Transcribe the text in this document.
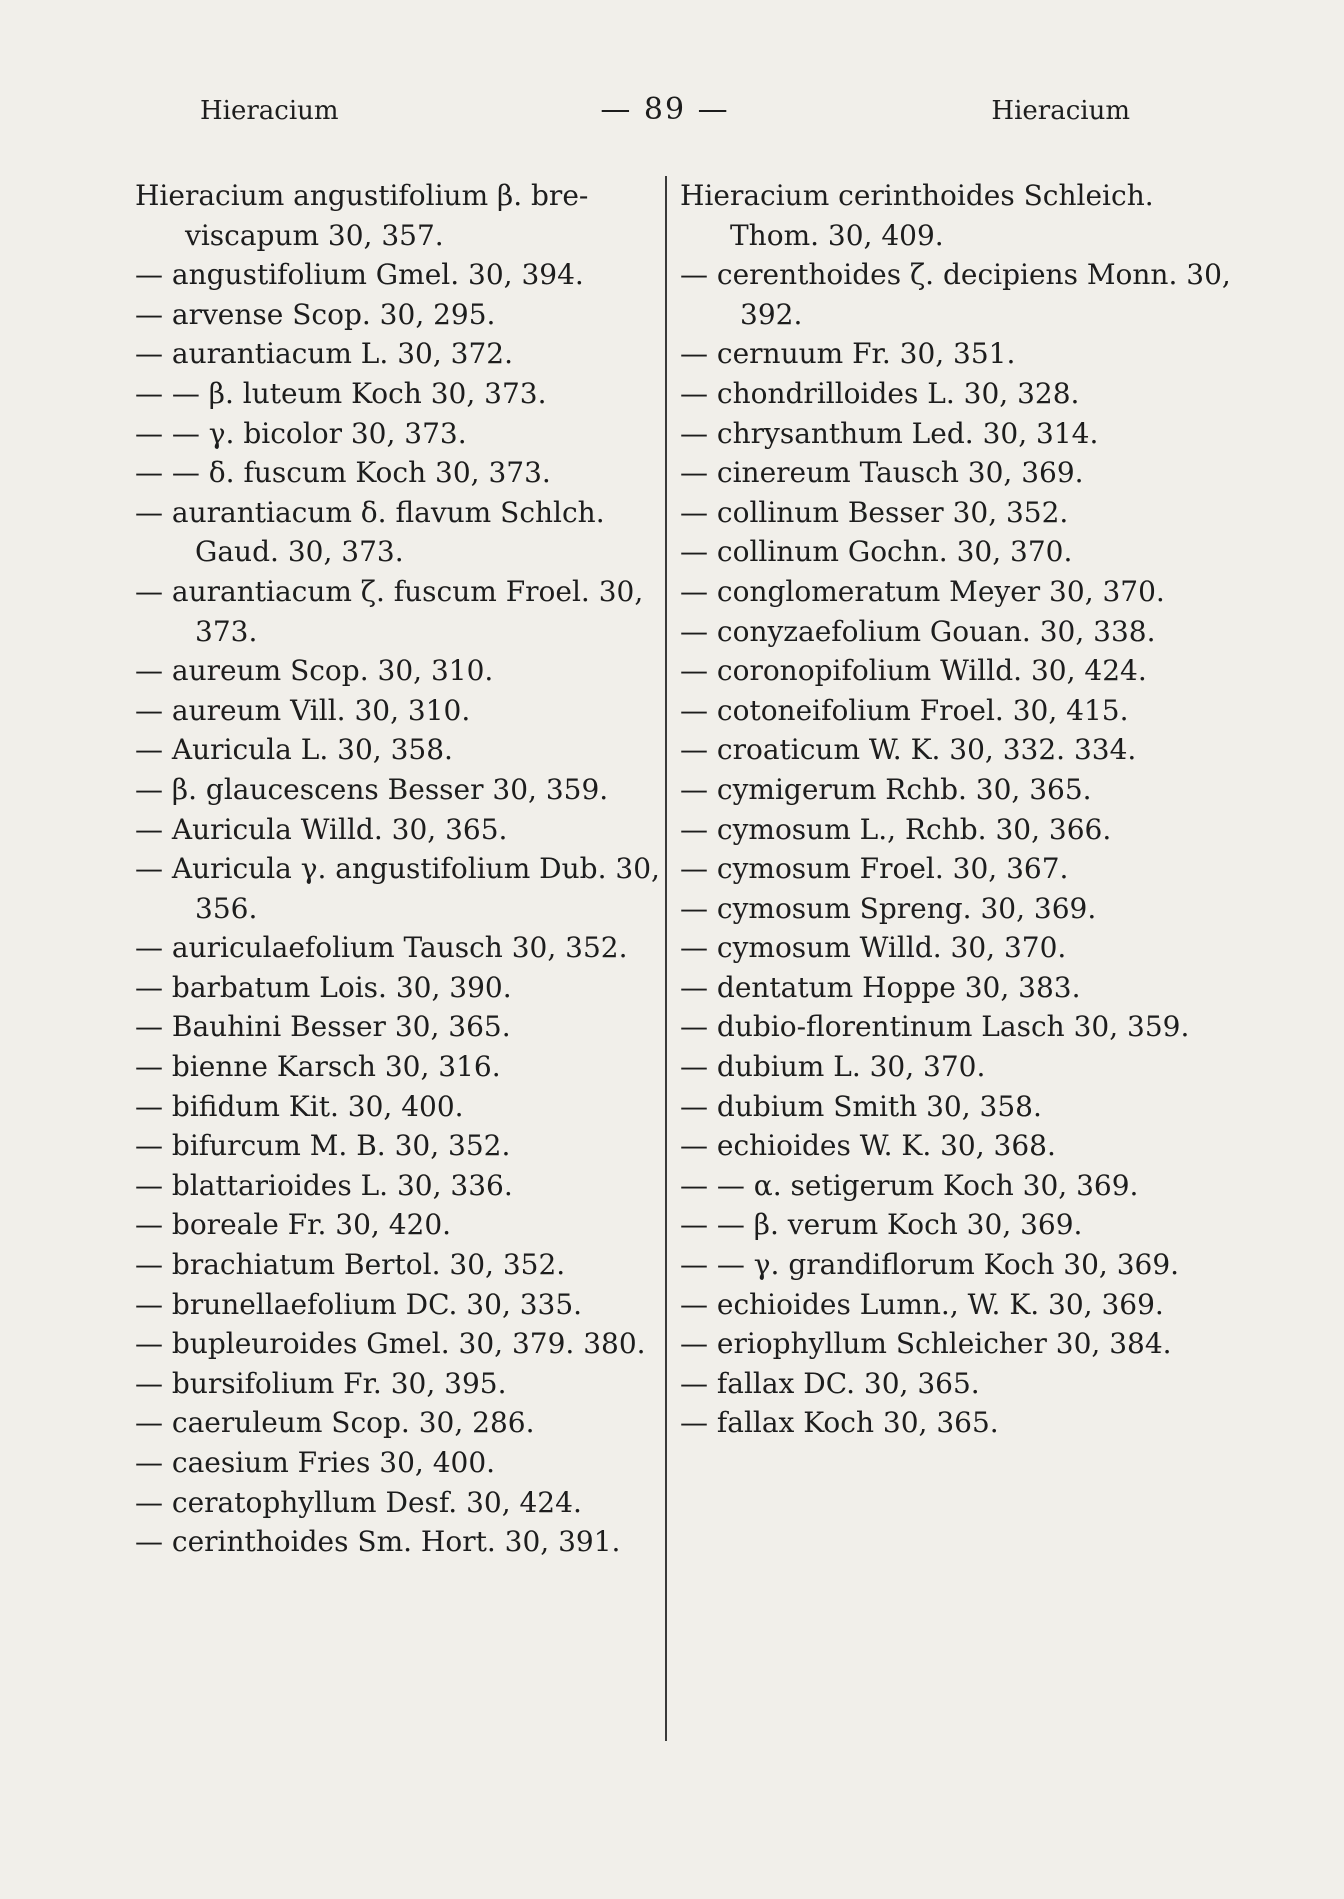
Hieracium	— 89 —	Hieracium
Hieracium angustifolium β. bre-viscapum 30, 357.
— angustifolium Gmel. 30, 394.
— arvense Scop. 30, 295.
— aurantiacum L. 30, 372.
— — β. luteum Koch 30, 373.
— — γ. bicolor 30, 373.
— — δ. fuscum Koch 30, 373.
— aurantiacum δ. flavum Schlch. Gaud. 30, 373.
— aurantiacum ζ. fuscum Froel. 30, 373.
— aureum Scop. 30, 310.
— aureum Vill. 30, 310.
— Auricula L. 30, 358.
— β. glaucescens Besser 30, 359.
— Auricula Willd. 30, 365.
— Auricula γ. angustifolium Dub. 30, 356.
— auriculaefolium Tausch 30, 352.
— barbatum Lois. 30, 390.
— Bauhini Besser 30, 365.
— bienne Karsch 30, 316.
— bifidum Kit. 30, 400.
— bifurcum M. B. 30, 352.
— blattarioides L. 30, 336.
— boreale Fr. 30, 420.
— brachiatum Bertol. 30, 352.
— brunellaefolium DC. 30, 335.
— bupleuroides Gmel. 30, 379. 380.
— bursifolium Fr. 30, 395.
— caeruleum Scop. 30, 286.
— caesium Fries 30, 400.
— ceratophyllum Desf. 30, 424.
— cerinthoides Sm. Hort. 30, 391.
Hieracium cerinthoides Schleich. Thom. 30, 409.
— cerenthoides ζ. decipiens Monn. 30, 392.
— cernuum Fr. 30, 351.
— chondrilloides L. 30, 328.
— chrysanthum Led. 30, 314.
— cinereum Tausch 30, 369.
— collinum Besser 30, 352.
— collinum Gochn. 30, 370.
— conglomeratum Meyer 30, 370.
— conyzaefolium Gouan. 30, 338.
— coronopifolium Willd. 30, 424.
— cotoneifolium Froel. 30, 415.
— croaticum W. K. 30, 332. 334.
— cymigerum Rchb. 30, 365.
— cymosum L., Rchb. 30, 366.
— cymosum Froel. 30, 367.
— cymosum Spreng. 30, 369.
— cymosum Willd. 30, 370.
— dentatum Hoppe 30, 383.
— dubio-florentinum Lasch 30, 359.
— dubium L. 30, 370.
— dubium Smith 30, 358.
— echioides W. K. 30, 368.
— — α. setigerum Koch 30, 369.
— — β. verum Koch 30, 369.
— — γ. grandiflorum Koch 30, 369.
— echioides Lumn., W. K. 30, 369.
— eriophyllum Schleicher 30, 384.
— fallax DC. 30, 365.
— fallax Koch 30, 365.
